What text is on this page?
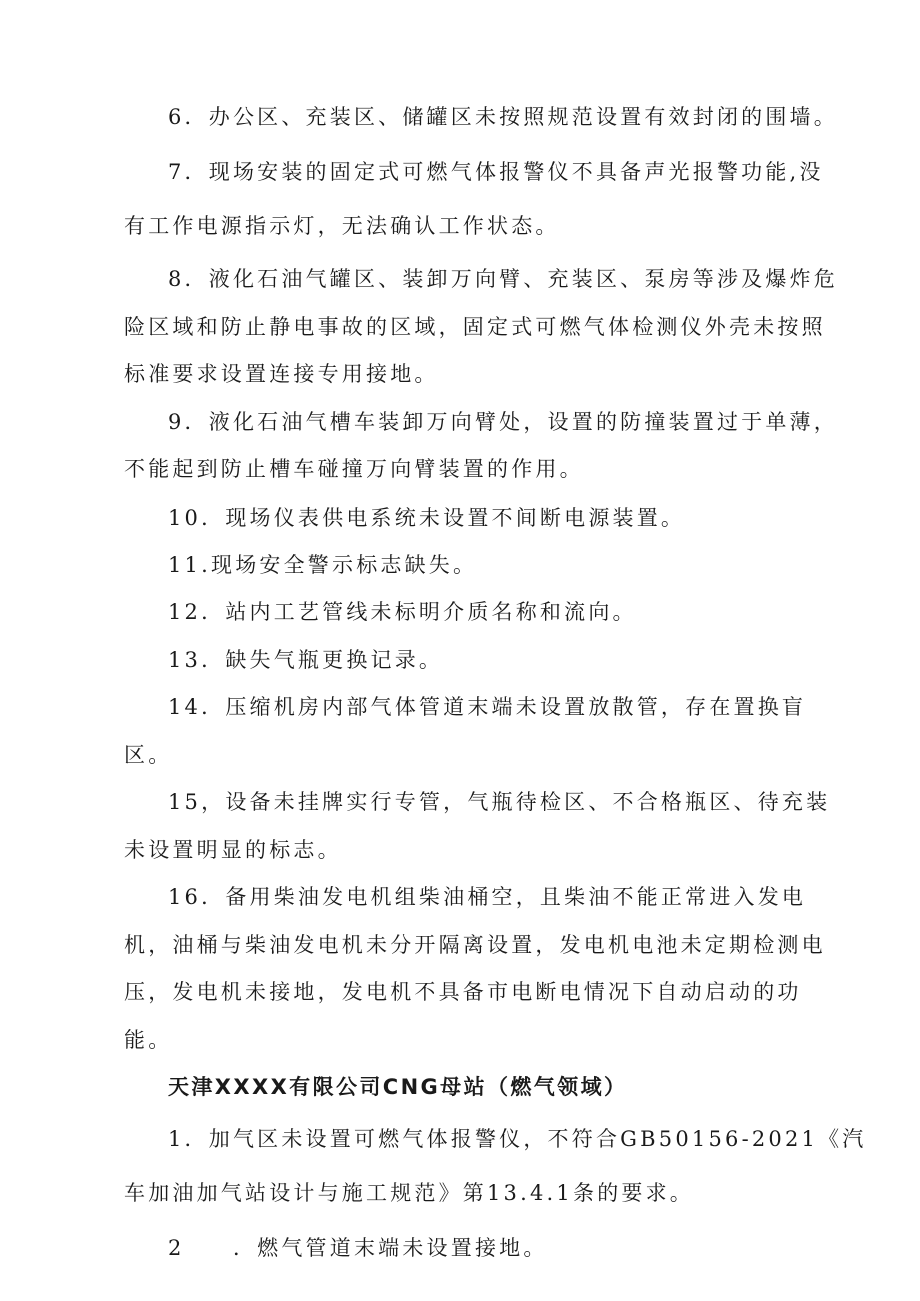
6．办公区、充装区、储罐区未按照规范设置有效封闭的围墙。
7．现场安装的固定式可燃气体报警仪不具备声光报警功能,没
有工作电源指示灯，无法确认工作状态。
8．液化石油气罐区、装卸万向臂、充装区、泵房等涉及爆炸危
险区域和防止静电事故的区域，固定式可燃气体检测仪外壳未按照
标准要求设置连接专用接地。
9．液化石油气槽车装卸万向臂处，设置的防撞装置过于单薄，
不能起到防止槽车碰撞万向臂装置的作用。
10．现场仪表供电系统未设置不间断电源装置。
11.现场安全警示标志缺失。
12．站内工艺管线未标明介质名称和流向。
13．缺失气瓶更换记录。
14．压缩机房内部气体管道末端未设置放散管，存在置换盲
区。
15，设备未挂牌实行专管，气瓶待检区、不合格瓶区、待充装
未设置明显的标志。
16．备用柴油发电机组柴油桶空，且柴油不能正常进入发电
机，油桶与柴油发电机未分开隔离设置，发电机电池未定期检测电
压，发电机未接地，发电机不具备市电断电情况下自动启动的功
能。
天津XXXX有限公司CNG母站（燃气领域）
1．加气区未设置可燃气体报警仪，不符合GB50156-2021《汽
车加油加气站设计与施工规范》第13.4.1条的要求。
2　　．燃气管道末端未设置接地。
